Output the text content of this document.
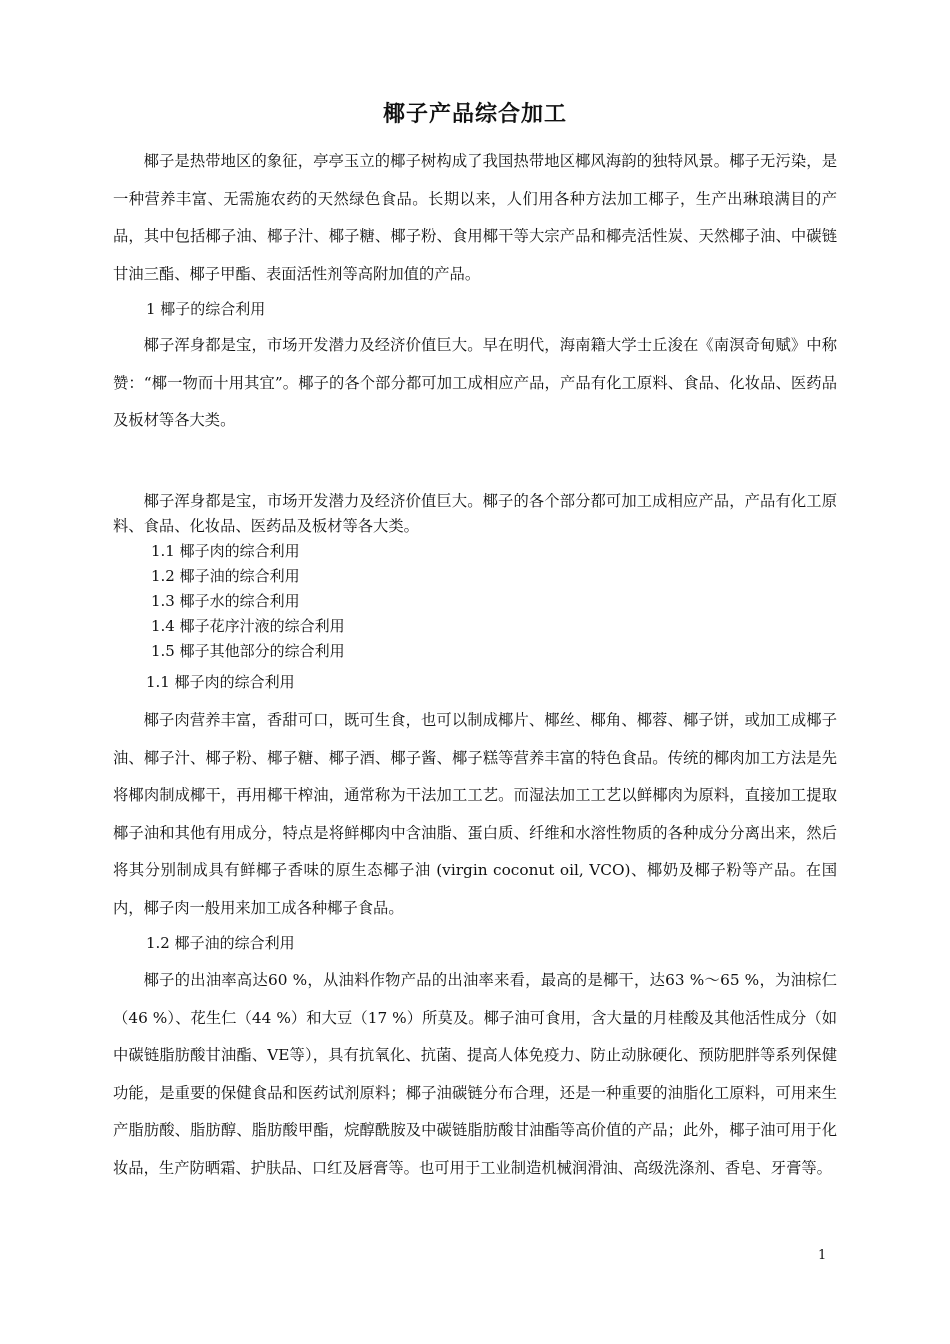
椰子产品综合加工

椰子是热带地区的象征，亭亭玉立的椰子树构成了我国热带地区椰风海韵的独特风景。椰子无污染，是一种营养丰富、无需施农药的天然绿色食品。长期以来，人们用各种方法加工椰子，生产出琳琅满目的产品，其中包括椰子油、椰子汁、椰子糖、椰子粉、食用椰干等大宗产品和椰壳活性炭、天然椰子油、中碳链甘油三酯、椰子甲酯、表面活性剂等高附加值的产品。

1 椰子的综合利用

椰子浑身都是宝，市场开发潜力及经济价值巨大。早在明代，海南籍大学士丘浚在《南溟奇甸赋》中称赞：“椰一物而十用其宜”。椰子的各个部分都可加工成相应产品，产品有化工原料、食品、化妆品、医药品及板材等各大类。

椰子浑身都是宝，市场开发潜力及经济价值巨大。椰子的各个部分都可加工成相应产品，产品有化工原料、食品、化妆品、医药品及板材等各大类。

1.1 椰子肉的综合利用
1.2 椰子油的综合利用
1.3 椰子水的综合利用
1.4 椰子花序汁液的综合利用
1.5 椰子其他部分的综合利用
1.1 椰子肉的综合利用

椰子肉营养丰富，香甜可口，既可生食，也可以制成椰片、椰丝、椰角、椰蓉、椰子饼，或加工成椰子油、椰子汁、椰子粉、椰子糖、椰子酒、椰子酱、椰子糕等营养丰富的特色食品。传统的椰肉加工方法是先将椰肉制成椰干，再用椰干榨油，通常称为干法加工工艺。而湿法加工工艺以鲜椰肉为原料，直接加工提取椰子油和其他有用成分，特点是将鲜椰肉中含油脂、蛋白质、纤维和水溶性物质的各种成分分离出来，然后将其分别制成具有鲜椰子香味的原生态椰子油 (virgin coconut oil, VCO)、椰奶及椰子粉等产品。在国内，椰子肉一般用来加工成各种椰子食品。

1.2 椰子油的综合利用

椰子的出油率高达60 %，从油料作物产品的出油率来看，最高的是椰干，达63 %～65 %，为油棕仁（46 %）、花生仁（44 %）和大豆（17 %）所莫及。椰子油可食用，含大量的月桂酸及其他活性成分（如中碳链脂肪酸甘油酯、VE等），具有抗氧化、抗菌、提高人体免疫力、防止动脉硬化、预防肥胖等系列保健功能，是重要的保健食品和医药试剂原料；椰子油碳链分布合理，还是一种重要的油脂化工原料，可用来生产脂肪酸、脂肪醇、脂肪酸甲酯，烷醇酰胺及中碳链脂肪酸甘油酯等高价值的产品；此外，椰子油可用于化妆品，生产防晒霜、护肤品、口红及唇膏等。也可用于工业制造机械润滑油、高级洗涤剂、香皂、牙膏等。

1
